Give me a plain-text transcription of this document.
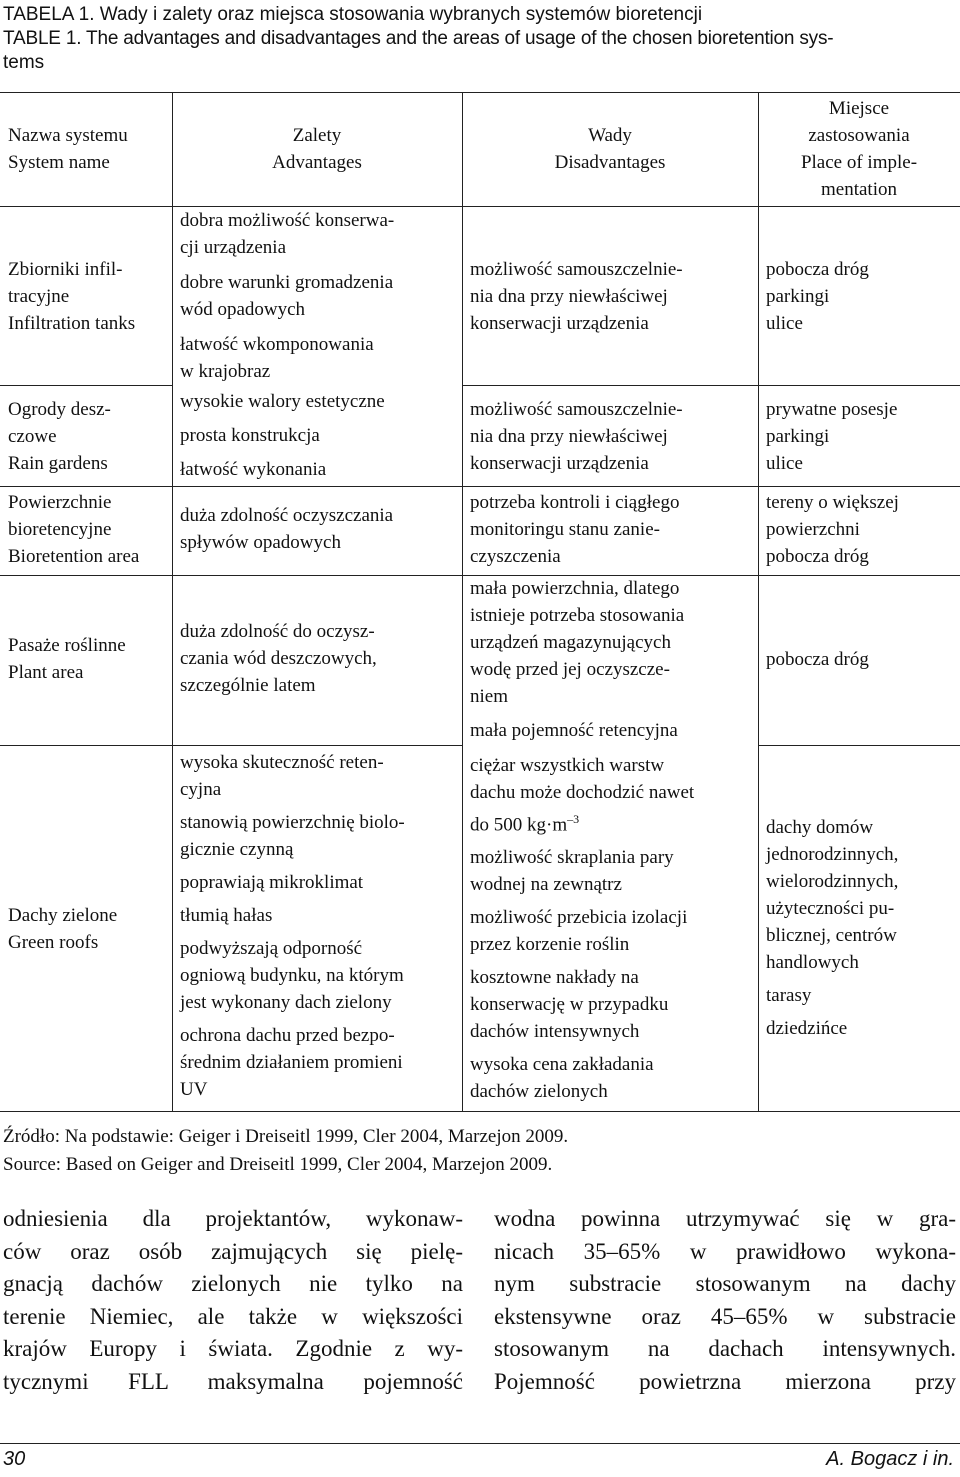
TABELA 1. Wady i zalety oraz miejsca stosowania wybranych systemów bioretencji
TABLE 1. The advantages and disadvantages and the areas of usage of the chosen bioretention sys-
tems

Nazwa systemu

System name

Zalety

Advantages

Wady

Disadvantages

Miejsce

zastosowania

Place of imple-

mentation

Zbiorniki infil-

tracyjne

Infiltration tanks

dobra możliwość konserwa-

cji urządzenia

dobre warunki gromadzenia

wód opadowych

łatwość wkomponowania

w krajobraz

możliwość samouszczelnie-

nia dna przy niewłaściwej

konserwacji urządzenia

pobocza dróg

parkingi

ulice

Ogrody desz-

czowe

Rain gardens

wysokie walory estetyczne

prosta konstrukcja

łatwość wykonania

możliwość samouszczelnie-

nia dna przy niewłaściwej

konserwacji urządzenia

prywatne posesje

parkingi

ulice

Powierzchnie

bioretencyjne

Bioretention area

duża zdolność oczyszczania

spływów opadowych

potrzeba kontroli i ciągłego

monitoringu stanu zanie-

czyszczenia

tereny o większej

powierzchni

pobocza dróg

Pasaże roślinne

Plant area

duża zdolność do oczysz-

czania wód deszczowych,

szczególnie latem

mała powierzchnia, dlatego

istnieje potrzeba stosowania

urządzeń magazynujących

wodę przed jej oczyszcze-

niem

mała pojemność retencyjna

pobocza dróg

Dachy zielone

Green roofs

wysoka skuteczność reten-

cyjna

stanowią powierzchnię biolo-

gicznie czynną

poprawiają mikroklimat

tłumią hałas

podwyższają odporność

ogniową budynku, na którym

jest wykonany dach zielony

ochrona dachu przed bezpo-

średnim działaniem promieni

UV

ciężar wszystkich warstw

dachu może dochodzić nawet

do 500 $kg\cdot m^{-3}$

możliwość skraplania pary

wodnej na zewnątrz

możliwość przebicia izolacji

przez korzenie roślin

kosztowne nakłady na

konserwację w przypadku

dachów intensywnych

wysoka cena zakładania

dachów zielonych

dachy domów

jednorodzinnych,

wielorodzinnych,

użyteczności pu-

blicznej, centrów

handlowych

tarasy

dziedzińce

Źródło: Na podstawie: Geiger i Dreiseitl 1999, Cler 2004, Marzejon 2009.
Source: Based on Geiger and Dreiseitl 1999, Cler 2004, Marzejon 2009.

odniesienia dla projektantów, wykonaw-

ców oraz osób zajmujących się pielę-

gnacją dachów zielonych nie tylko na

terenie Niemiec, ale także w większości

krajów Europy i świata. Zgodnie z wy-

tycznymi FLL maksymalna pojemność

wodna powinna utrzymywać się w gra-

nicach 35–65% w prawidłowo wykona-

nym substracie stosowanym na dachy

ekstensywne oraz 45–65% w substracie

stosowanym na dachach intensywnych.

Pojemność powietrzna mierzona przy

30	A. Bogacz i in.
